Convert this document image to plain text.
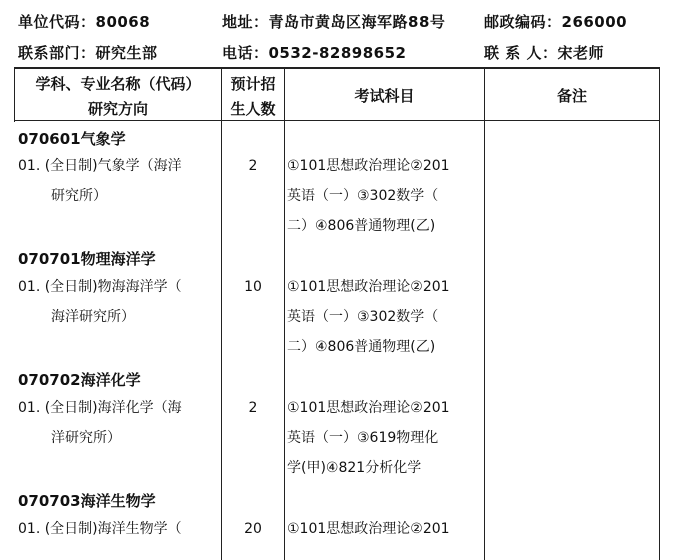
单位代码：80068	地址：青岛市黄岛区海军路88号	邮政编码：266000
联系部门：研究生部	电话：0532-82898652	联 系 人：宋老师
学科、专业名称（代码）
研究方向
预计招
生人数
考试科目	备注
070601气象学
01. (全日制)气象学（海洋
研究所）
2	①101思想政治理论②201
英语（一）③302数学（
二）④806普通物理(乙)
070701物理海洋学
01. (全日制)物海海洋学（
海洋研究所）
10	①101思想政治理论②201
英语（一）③302数学（
二）④806普通物理(乙)
070702海洋化学
01. (全日制)海洋化学（海
洋研究所）
2	①101思想政治理论②201
英语（一）③619物理化
学(甲)④821分析化学
070703海洋生物学
01. (全日制)海洋生物学（	20	①101思想政治理论②201
